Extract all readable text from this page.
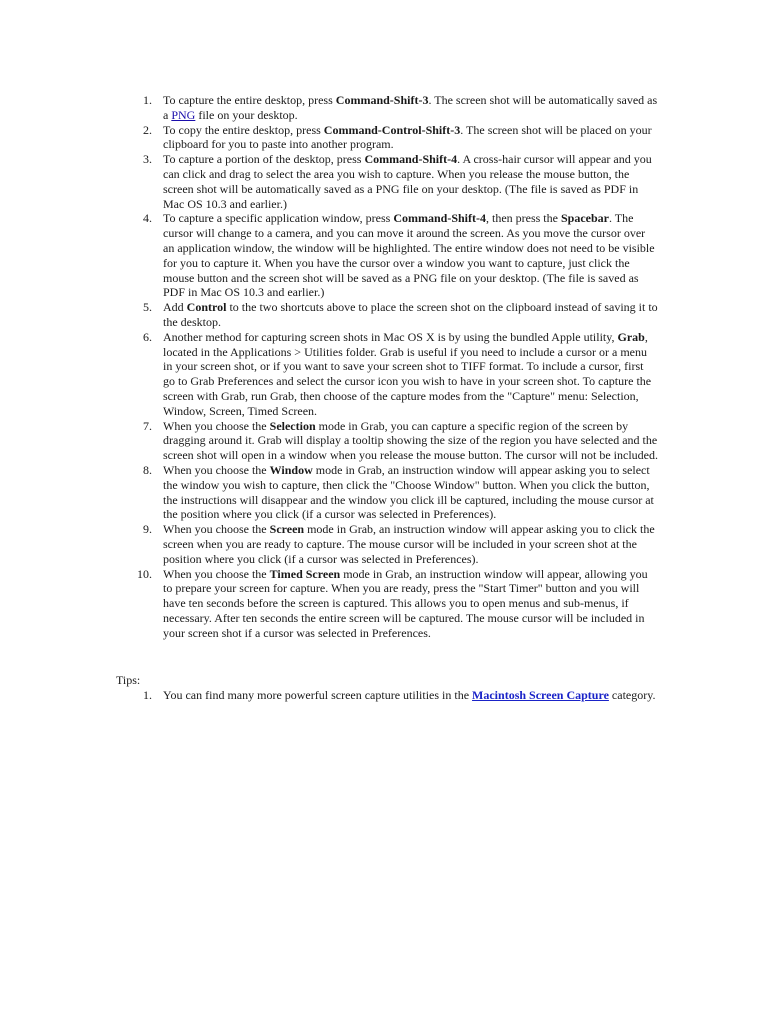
1. To capture the entire desktop, press Command-Shift-3. The screen shot will be automatically saved as a PNG file on your desktop.
2. To copy the entire desktop, press Command-Control-Shift-3. The screen shot will be placed on your clipboard for you to paste into another program.
3. To capture a portion of the desktop, press Command-Shift-4. A cross-hair cursor will appear and you can click and drag to select the area you wish to capture. When you release the mouse button, the screen shot will be automatically saved as a PNG file on your desktop. (The file is saved as PDF in Mac OS 10.3 and earlier.)
4. To capture a specific application window, press Command-Shift-4, then press the Spacebar. The cursor will change to a camera, and you can move it around the screen. As you move the cursor over an application window, the window will be highlighted. The entire window does not need to be visible for you to capture it. When you have the cursor over a window you want to capture, just click the mouse button and the screen shot will be saved as a PNG file on your desktop. (The file is saved as PDF in Mac OS 10.3 and earlier.)
5. Add Control to the two shortcuts above to place the screen shot on the clipboard instead of saving it to the desktop.
6. Another method for capturing screen shots in Mac OS X is by using the bundled Apple utility, Grab, located in the Applications > Utilities folder. Grab is useful if you need to include a cursor or a menu in your screen shot, or if you want to save your screen shot to TIFF format. To include a cursor, first go to Grab Preferences and select the cursor icon you wish to have in your screen shot. To capture the screen with Grab, run Grab, then choose of the capture modes from the "Capture" menu: Selection, Window, Screen, Timed Screen.
7. When you choose the Selection mode in Grab, you can capture a specific region of the screen by dragging around it. Grab will display a tooltip showing the size of the region you have selected and the screen shot will open in a window when you release the mouse button. The cursor will not be included.
8. When you choose the Window mode in Grab, an instruction window will appear asking you to select the window you wish to capture, then click the "Choose Window" button. When you click the button, the instructions will disappear and the window you click ill be captured, including the mouse cursor at the position where you click (if a cursor was selected in Preferences).
9. When you choose the Screen mode in Grab, an instruction window will appear asking you to click the screen when you are ready to capture. The mouse cursor will be included in your screen shot at the position where you click (if a cursor was selected in Preferences).
10. When you choose the Timed Screen mode in Grab, an instruction window will appear, allowing you to prepare your screen for capture. When you are ready, press the "Start Timer" button and you will have ten seconds before the screen is captured. This allows you to open menus and sub-menus, if necessary. After ten seconds the entire screen will be captured. The mouse cursor will be included in your screen shot if a cursor was selected in Preferences.
Tips:
1. You can find many more powerful screen capture utilities in the Macintosh Screen Capture category.
